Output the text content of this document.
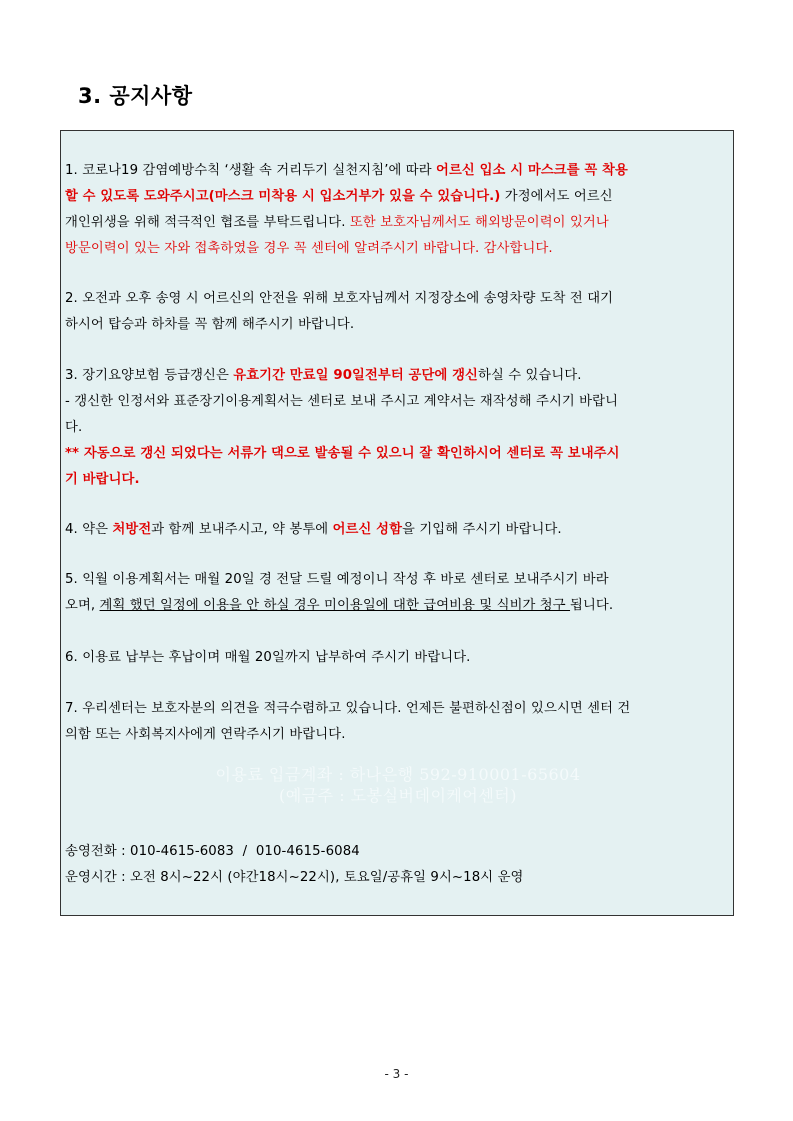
3. 공지사항
1. 코로나19 감염예방수칙 ‘생활 속 거리두기 실천지침’에 따라 어르신 입소 시 마스크를 꼭 착용
할 수 있도록 도와주시고(마스크 미착용 시 입소거부가 있을 수 있습니다.) 가정에서도 어르신
개인위생을 위해 적극적인 협조를 부탁드립니다. 또한 보호자님께서도 해외방문이력이 있거나
방문이력이 있는 자와 접촉하였을 경우 꼭 센터에 알려주시기 바랍니다. 감사합니다.
2. 오전과 오후 송영 시 어르신의 안전을 위해 보호자님께서 지정장소에 송영차량 도착 전 대기
하시어 탑승과 하차를 꼭 함께 해주시기 바랍니다.
3. 장기요양보험 등급갱신은 유효기간 만료일 90일전부터 공단에 갱신하실 수 있습니다.
- 갱신한 인정서와 표준장기이용계획서는 센터로 보내 주시고 계약서는 재작성해 주시기 바랍니
다.
** 자동으로 갱신 되었다는 서류가 댁으로 발송될 수 있으니 잘 확인하시어 센터로 꼭 보내주시
기 바랍니다.
4. 약은 처방전과 함께 보내주시고, 약 봉투에 어르신 성함을 기입해 주시기 바랍니다.
5. 익월 이용계획서는 매월 20일 경 전달 드릴 예정이니 작성 후 바로 센터로 보내주시기 바라
오며, 계획 했던 일정에 이용을 안 하실 경우 미이용일에 대한 급여비용 및 식비가 청구 됩니다.
6. 이용료 납부는 후납이며 매월 20일까지 납부하여 주시기 바랍니다.
7. 우리센터는 보호자분의 의견을 적극수렴하고 있습니다. 언제든 불편하신점이 있으시면 센터 건
의함 또는 사회복지사에게 연락주시기 바랍니다.
이용료 입금계좌 : 하나은행 592-910001-65604
(예금주 : 도봉실버데이케어센터)
송영전화 : 010-4615-6083  /  010-4615-6084
운영시간 : 오전 8시~22시 (야간18시~22시), 토요일/공휴일 9시~18시 운영
- 3 -
